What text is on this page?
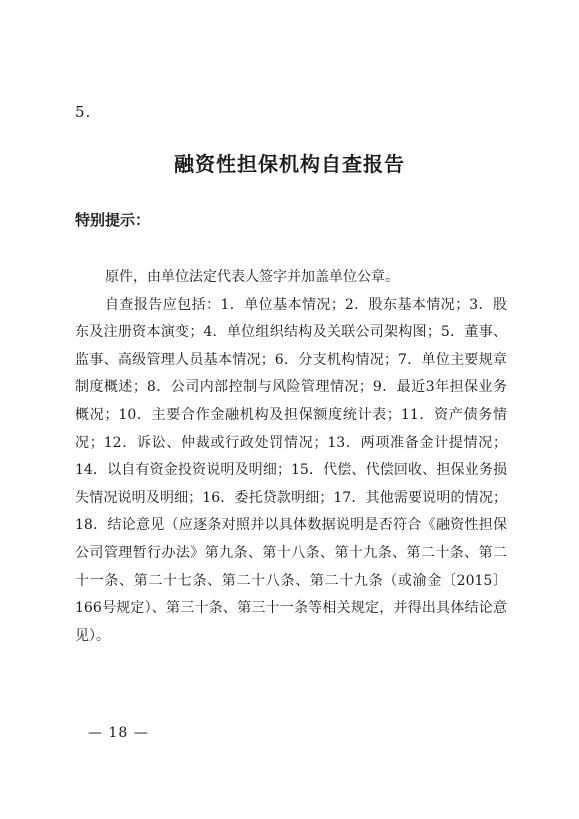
5.
融资性担保机构自查报告
特别提示：

原件，由单位法定代表人签字并加盖单位公章。

自查报告应包括：1．单位基本情况；2．股东基本情况；3．股东及注册资本演变；4．单位组织结构及关联公司架构图；5．董事、监事、高级管理人员基本情况；6．分支机构情况；7．单位主要规章制度概述；8．公司内部控制与风险管理情况；9．最近3年担保业务概况；10．主要合作金融机构及担保额度统计表；11．资产债务情况；12．诉讼、仲裁或行政处罚情况；13．两项准备金计提情况；14．以自有资金投资说明及明细；15．代偿、代偿回收、担保业务损失情况说明及明细；16．委托贷款明细；17．其他需要说明的情况；18．结论意见（应逐条对照并以具体数据说明是否符合《融资性担保公司管理暂行办法》第九条、第十八条、第十九条、第二十条、第二十一条、第二十七条、第二十八条、第二十九条（或渝金〔2015〕166号规定）、第三十条、第三十一条等相关规定，并得出具体结论意见）。

— 18 —
